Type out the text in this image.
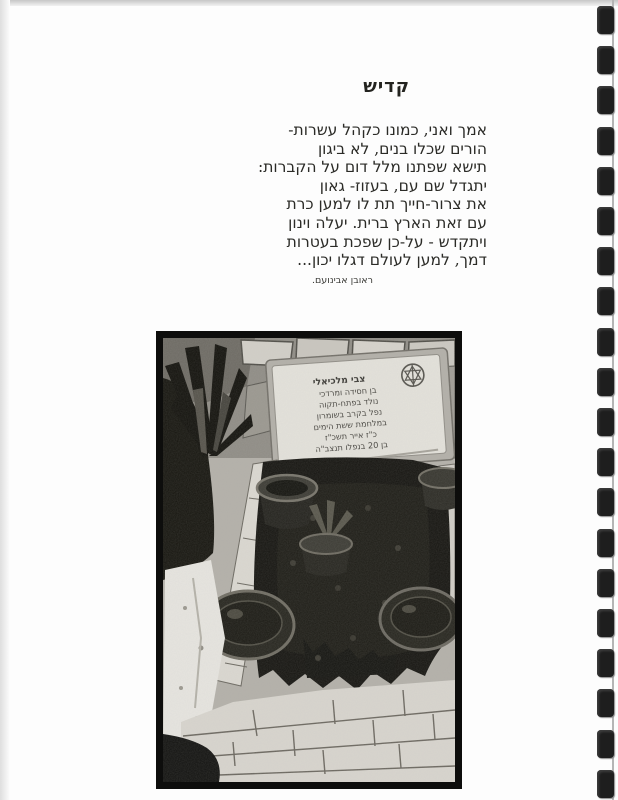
קדיש
אמך ואני, כמונו כקהל עשרות-
הורים שכלו בנים, לא ביגון
תישא שפתנו מלל דום על הקברות:
יתגדל שם עם, בעזוז- גאון
את צרור-חייך תת לו למען כרת
עם זאת הארץ ברית. יעלה וינון
ויתקדש - על-כן שפכת בעטרות
דמך, למען לעולם דגלו יכון...
ראובן אבינועם.
